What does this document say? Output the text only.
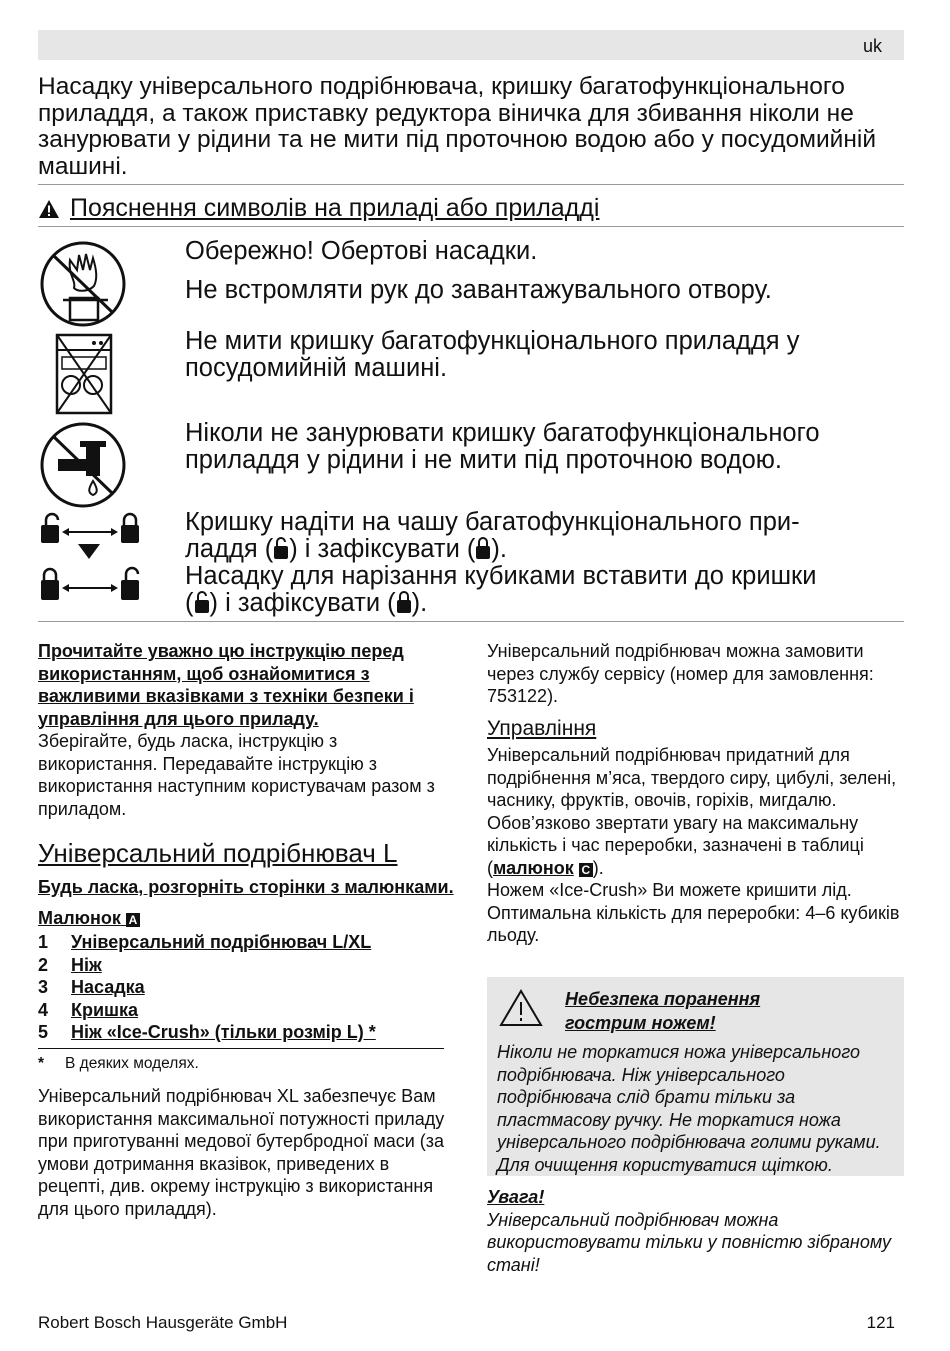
uk

Насадку універсального подрібнювача, кришку багатофункціонального приладдя, а також приставку редуктора віничка для збивання ніколи не занурювати у рідини та не мити під проточною водою або у посудомийній машині.

Пояснення символів на приладі або приладді

Обережно! Обертові насадки.
Не встромляти рук до завантажувального отвору.

Не мити кришку багатофункціонального приладдя у посудомийній машині.

Ніколи не занурювати кришку багатофункціонального приладдя у рідини і не мити під проточною водою.

Кришку надіти на чашу багатофункціонального при-
ладдя ( ) і зафіксувати ( ).

Насадку для нарізання кубиками вставити до кришки
( ) і зафіксувати ( ).

Прочитайте уважно цю інструкцію перед використанням, щоб ознайомитися з важливими вказівками з техніки безпеки і управління для цього приладу.

Зберігайте, будь ласка, інструкцію з використання. Передавайте інструкцію з використання наступним користувачам разом з приладом.

Універсальний подрібнювач L

Будь ласка, розгорніть сторінки з малюнками.

Малюнок A

1	Універсальний подрібнювач L/XL
2	Ніж
3	Насадка
4	Кришка
5	Ніж «Ice-Crush» (тільки розмір L) *

* В деяких моделях.

Універсальний подрібнювач XL забезпечує Вам використання максимальної потужності приладу при приготуванні медової бутербродної маси (за умови дотримання вказівок, приведених в рецепті, див. окрему інструкцію з використання для цього приладдя).

Універсальний подрібнювач можна замовити через службу сервісу (номер для замовлення: 753122).

Управління

Універсальний подрібнювач придатний для подрібнення м’яса, твердого сиру, цибулі, зелені, часнику, фруктів, овочів, горіхів, мигдалю.

Обов’язково звертати увагу на максимальну кількість і час переробки, зазначені в таблиці (малюнок C ).

Ножем «Ice-Crush» Ви можете кришити лід. Оптимальна кількість для переробки: 4–6 кубиків льоду.

Небезпека поранення
гострим ножем!

Ніколи не торкатися ножа універсального подрібнювача. Ніж універсального подрібнювача слід брати тільки за пластмасову ручку. Не торкатися ножа універсального подрібнювача голими руками. Для очищення користуватися щіткою.

Увага!

Універсальний подрібнювач можна використовувати тільки у повністю зібраному стані!

Robert Bosch Hausgeräte GmbH	121
